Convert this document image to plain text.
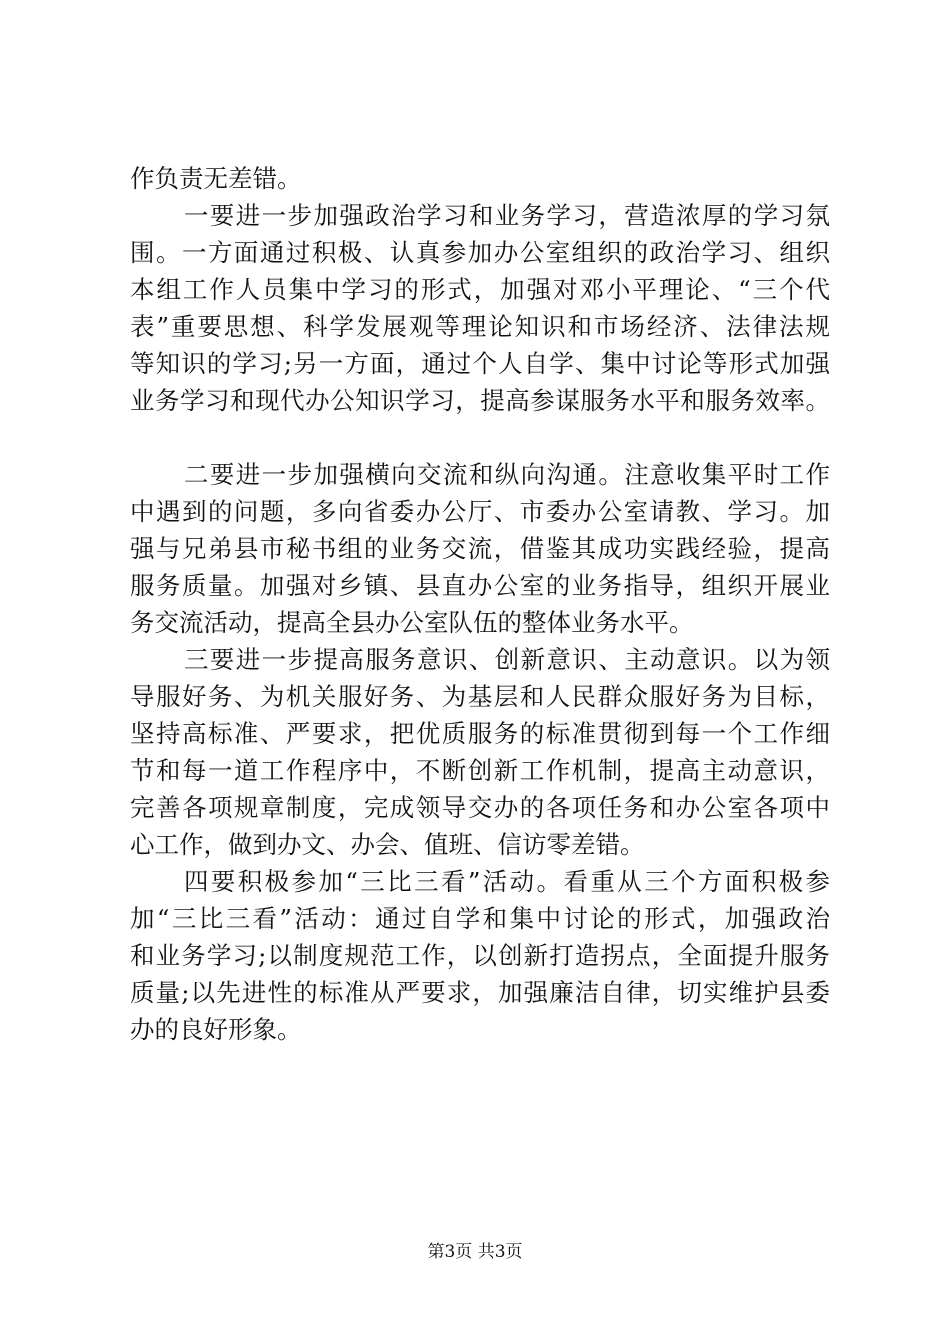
作负责无差错。
一要进一步加强政治学习和业务学习，营造浓厚的学习氛
围。一方面通过积极、认真参加办公室组织的政治学习、组织
本组工作人员集中学习的形式，加强对邓小平理论、“三个代
表”重要思想、科学发展观等理论知识和市场经济、法律法规
等知识的学习;另一方面，通过个人自学、集中讨论等形式加强
业务学习和现代办公知识学习，提高参谋服务水平和服务效率。
二要进一步加强横向交流和纵向沟通。注意收集平时工作
中遇到的问题，多向省委办公厅、市委办公室请教、学习。加
强与兄弟县市秘书组的业务交流，借鉴其成功实践经验，提高
服务质量。加强对乡镇、县直办公室的业务指导，组织开展业
务交流活动，提高全县办公室队伍的整体业务水平。
三要进一步提高服务意识、创新意识、主动意识。以为领
导服好务、为机关服好务、为基层和人民群众服好务为目标，
坚持高标准、严要求，把优质服务的标准贯彻到每一个工作细
节和每一道工作程序中，不断创新工作机制，提高主动意识，
完善各项规章制度，完成领导交办的各项任务和办公室各项中
心工作，做到办文、办会、值班、信访零差错。
四要积极参加“三比三看”活动。看重从三个方面积极参
加“三比三看”活动：通过自学和集中讨论的形式，加强政治
和业务学习;以制度规范工作，以创新打造拐点，全面提升服务
质量;以先进性的标准从严要求，加强廉洁自律，切实维护县委
办的良好形象。
第3页 共3页
